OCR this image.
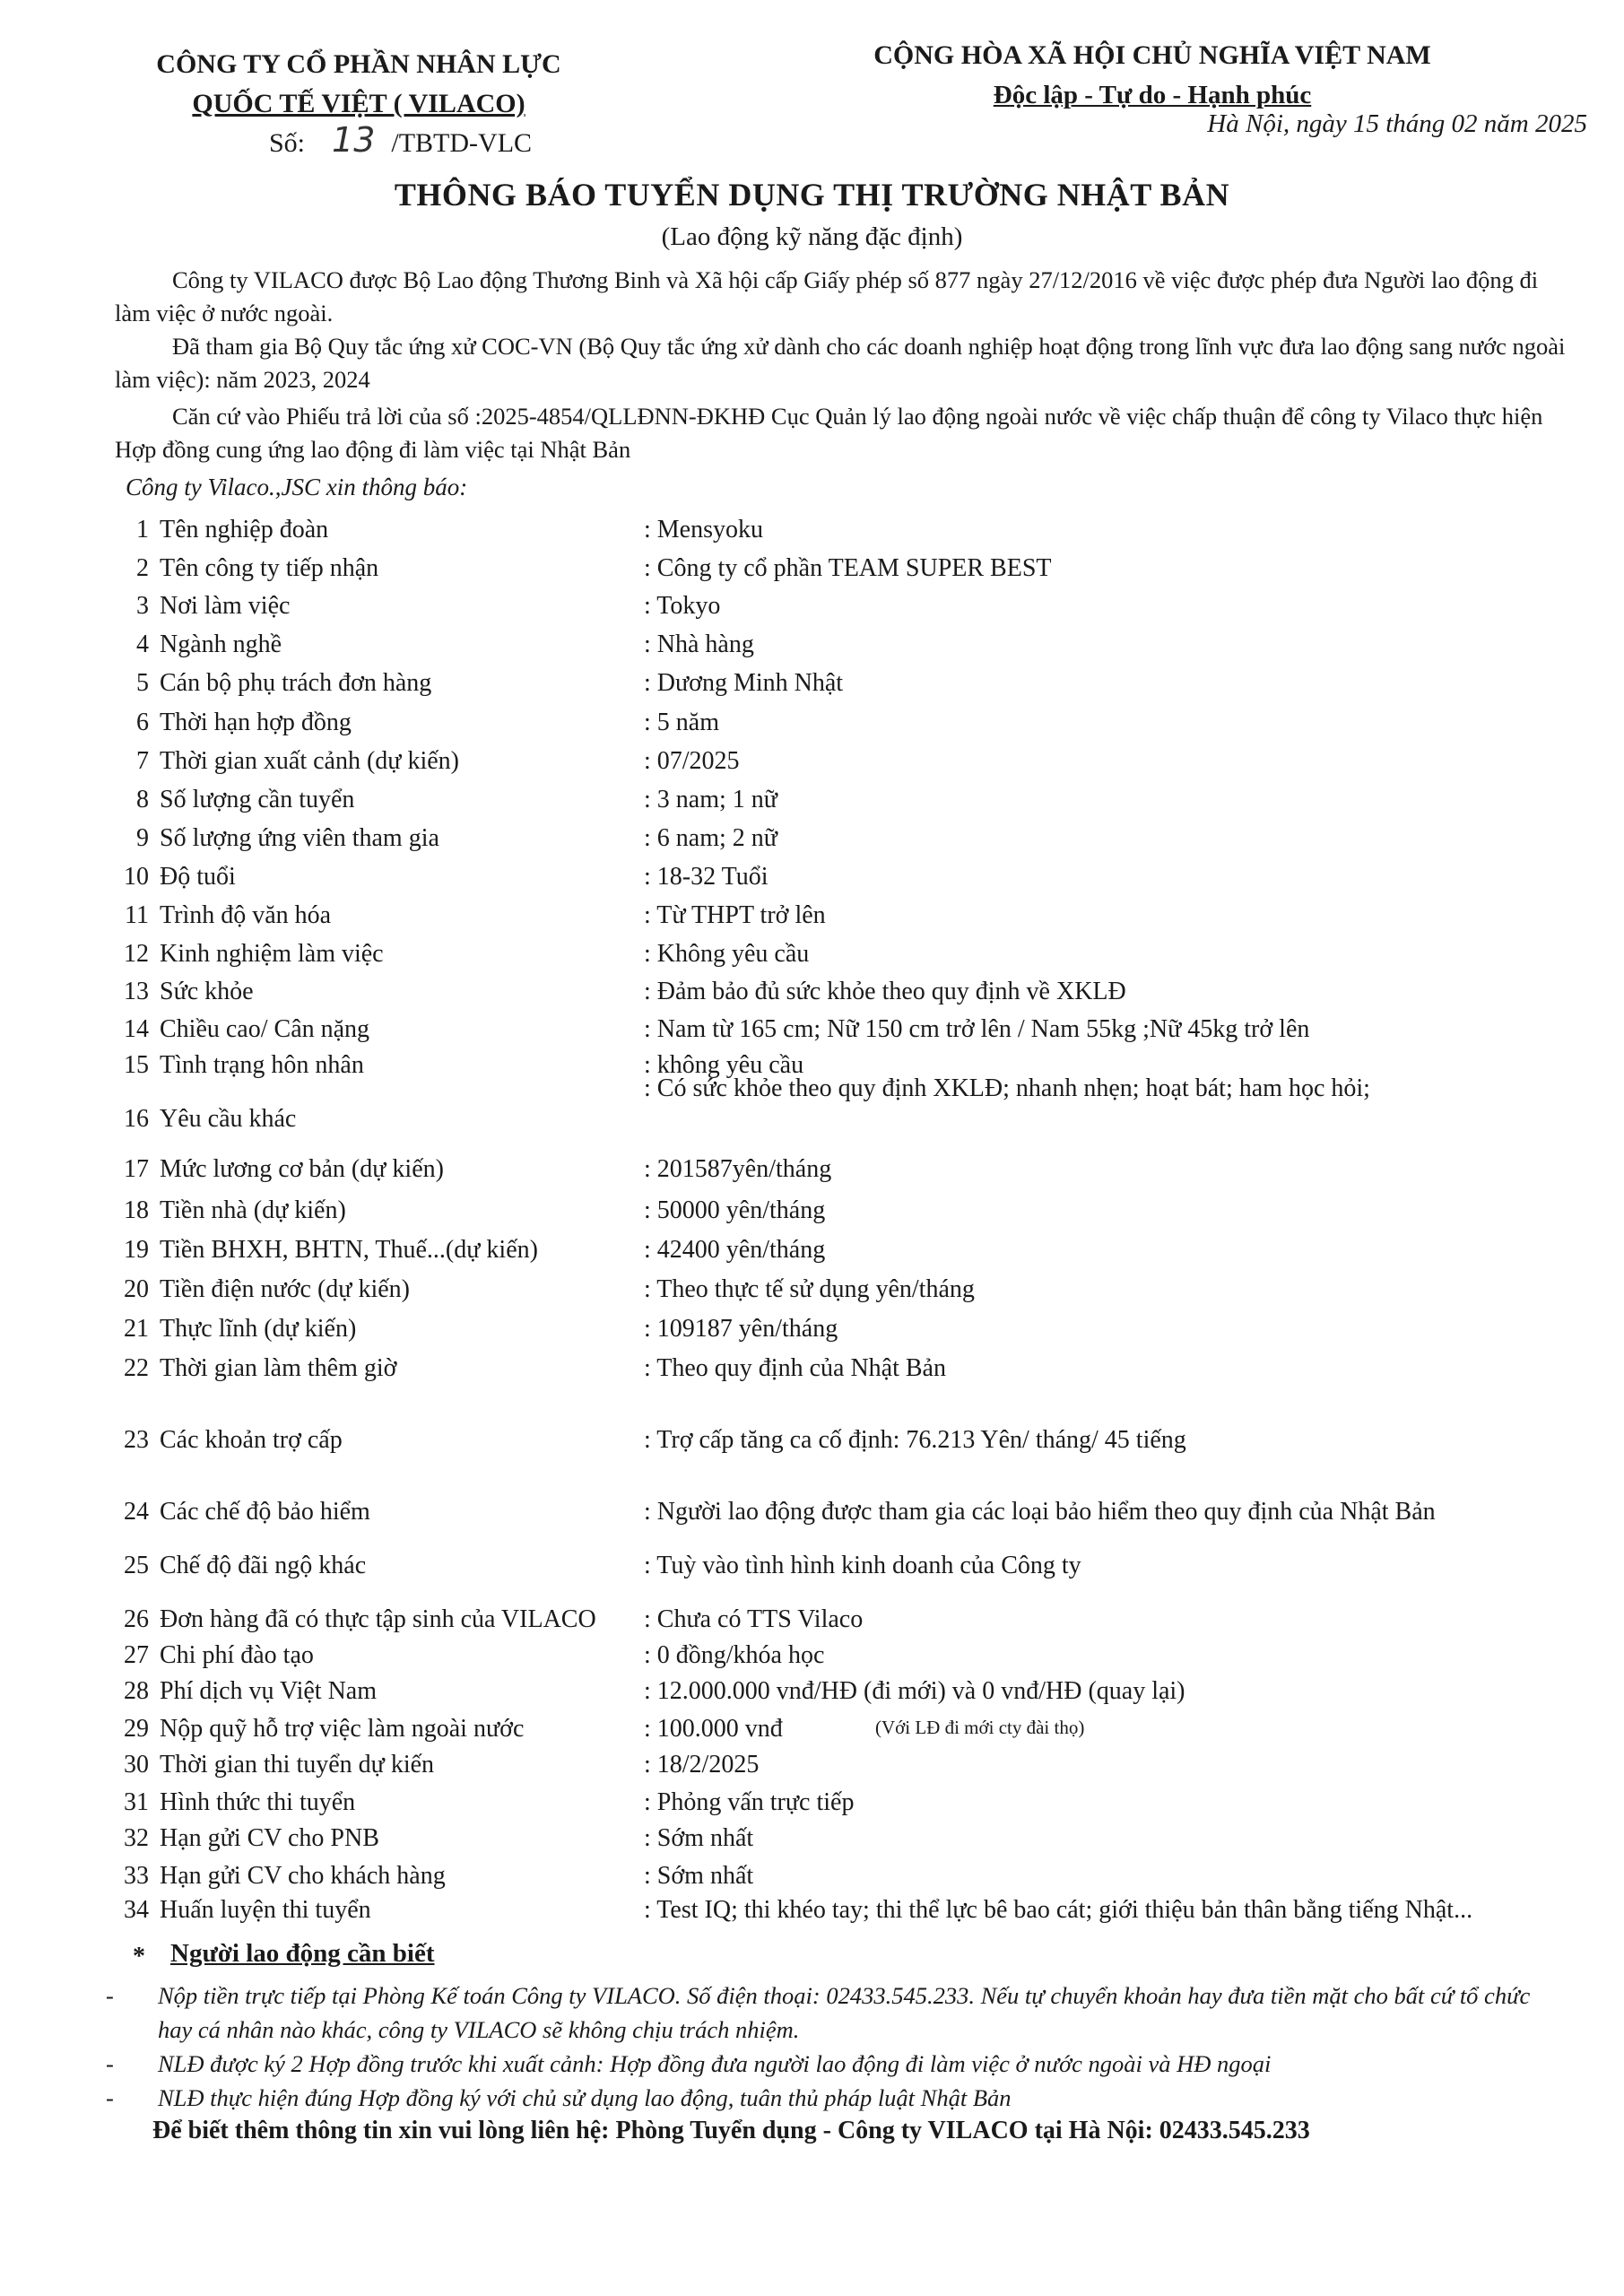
CÔNG TY CỔ PHẦN NHÂN LỰC
QUỐC TẾ VIỆT ( VILACO)
Số: 13 /TBTD-VLC
CỘNG HÒA XÃ HỘI CHỦ NGHĨA VIỆT NAM
Độc lập - Tự do - Hạnh phúc
Hà Nội, ngày 15 tháng 02 năm 2025
THÔNG BÁO TUYỂN DỤNG THỊ TRƯỜNG NHẬT BẢN
(Lao động kỹ năng đặc định)
Công ty VILACO được Bộ Lao động Thương Binh và Xã hội cấp Giấy phép số 877 ngày 27/12/2016 về việc được phép đưa Người lao động đi làm việc ở nước ngoài.
Đã tham gia Bộ Quy tắc ứng xử COC-VN (Bộ Quy tắc ứng xử dành cho các doanh nghiệp hoạt động trong lĩnh vực đưa lao động sang nước ngoài làm việc): năm 2023, 2024
Căn cứ vào Phiếu trả lời của số :2025-4854/QLLĐNN-ĐKHĐ Cục Quản lý lao động ngoài nước về việc chấp thuận để công ty Vilaco thực hiện Hợp đồng cung ứng lao động đi làm việc tại Nhật Bản
Công ty Vilaco.,JSC xin thông báo:
1 Tên nghiệp đoàn	: Mensyoku
2 Tên công ty tiếp nhận	: Công ty cổ phần TEAM SUPER BEST
3 Nơi làm việc	: Tokyo
4 Ngành nghề	: Nhà hàng
5 Cán bộ phụ trách đơn hàng	: Dương Minh Nhật
6 Thời hạn hợp đồng	: 5 năm
7 Thời gian xuất cảnh (dự kiến)	: 07/2025
8 Số lượng cần tuyển	: 3 nam; 1 nữ
9 Số lượng ứng viên tham gia	: 6 nam; 2 nữ
10 Độ tuổi	: 18-32 Tuổi
11 Trình độ văn hóa	: Từ THPT trở lên
12 Kinh nghiệm làm việc	: Không yêu cầu
13 Sức khỏe	: Đảm bảo đủ sức khỏe theo quy định về XKLĐ
14 Chiều cao/ Cân nặng	: Nam từ 165 cm; Nữ 150 cm trở lên / Nam 55kg ;Nữ 45kg trở lên
15 Tình trạng hôn nhân	: không yêu cầu
16 Yêu cầu khác
: Có sức khỏe theo quy định XKLĐ; nhanh nhẹn; hoạt bát; ham học hỏi;
17 Mức lương cơ bản (dự kiến)	: 201587yên/tháng
18 Tiền nhà (dự kiến)	: 50000 yên/tháng
19 Tiền BHXH, BHTN, Thuế...(dự kiến)	: 42400 yên/tháng
20 Tiền điện nước (dự kiến)	: Theo thực tế sử dụng yên/tháng
21 Thực lĩnh (dự kiến)	: 109187 yên/tháng
22 Thời gian làm thêm giờ	: Theo quy định của Nhật Bản
23 Các khoản trợ cấp	: Trợ cấp tăng ca cố định: 76.213 Yên/ tháng/ 45 tiếng
24 Các chế độ bảo hiểm	: Người lao động được tham gia các loại bảo hiểm theo quy định của Nhật Bản
25 Chế độ đãi ngộ khác	: Tuỳ vào tình hình kinh doanh của Công ty
26 Đơn hàng đã có thực tập sinh của VILACO : Chưa có TTS Vilaco
27 Chi phí đào tạo	: 0 đồng/khóa học
28 Phí dịch vụ Việt Nam	: 12.000.000 vnđ/HĐ (đi mới) và 0 vnđ/HĐ (quay lại)
29 Nộp quỹ hỗ trợ việc làm ngoài nước	: 100.000 vnđ	(Với LĐ đi mới cty đài thọ)
30 Thời gian thi tuyển dự kiến	: 18/2/2025
31 Hình thức thi tuyển	: Phỏng vấn trực tiếp
32 Hạn gửi CV cho PNB	: Sớm nhất
33 Hạn gửi CV cho khách hàng	: Sớm nhất
34 Huấn luyện thi tuyển	: Test IQ; thi khéo tay; thi thể lực bê bao cát; giới thiệu bản thân bằng tiếng Nhật...
* Người lao động cần biết
-	Nộp tiền trực tiếp tại Phòng Kế toán Công ty VILACO. Số điện thoại: 02433.545.233. Nếu tự chuyển khoản hay đưa tiền mặt cho bất cứ tổ chức hay cá nhân nào khác, công ty VILACO sẽ không chịu trách nhiệm.
-	NLĐ được ký 2 Hợp đồng trước khi xuất cảnh: Hợp đồng đưa người lao động đi làm việc ở nước ngoài và HĐ ngoại
-	NLĐ thực hiện đúng Hợp đồng ký với chủ sử dụng lao động, tuân thủ pháp luật Nhật Bản
Để biết thêm thông tin xin vui lòng liên hệ: Phòng Tuyển dụng - Công ty VILACO tại Hà Nội: 02433.545.233
